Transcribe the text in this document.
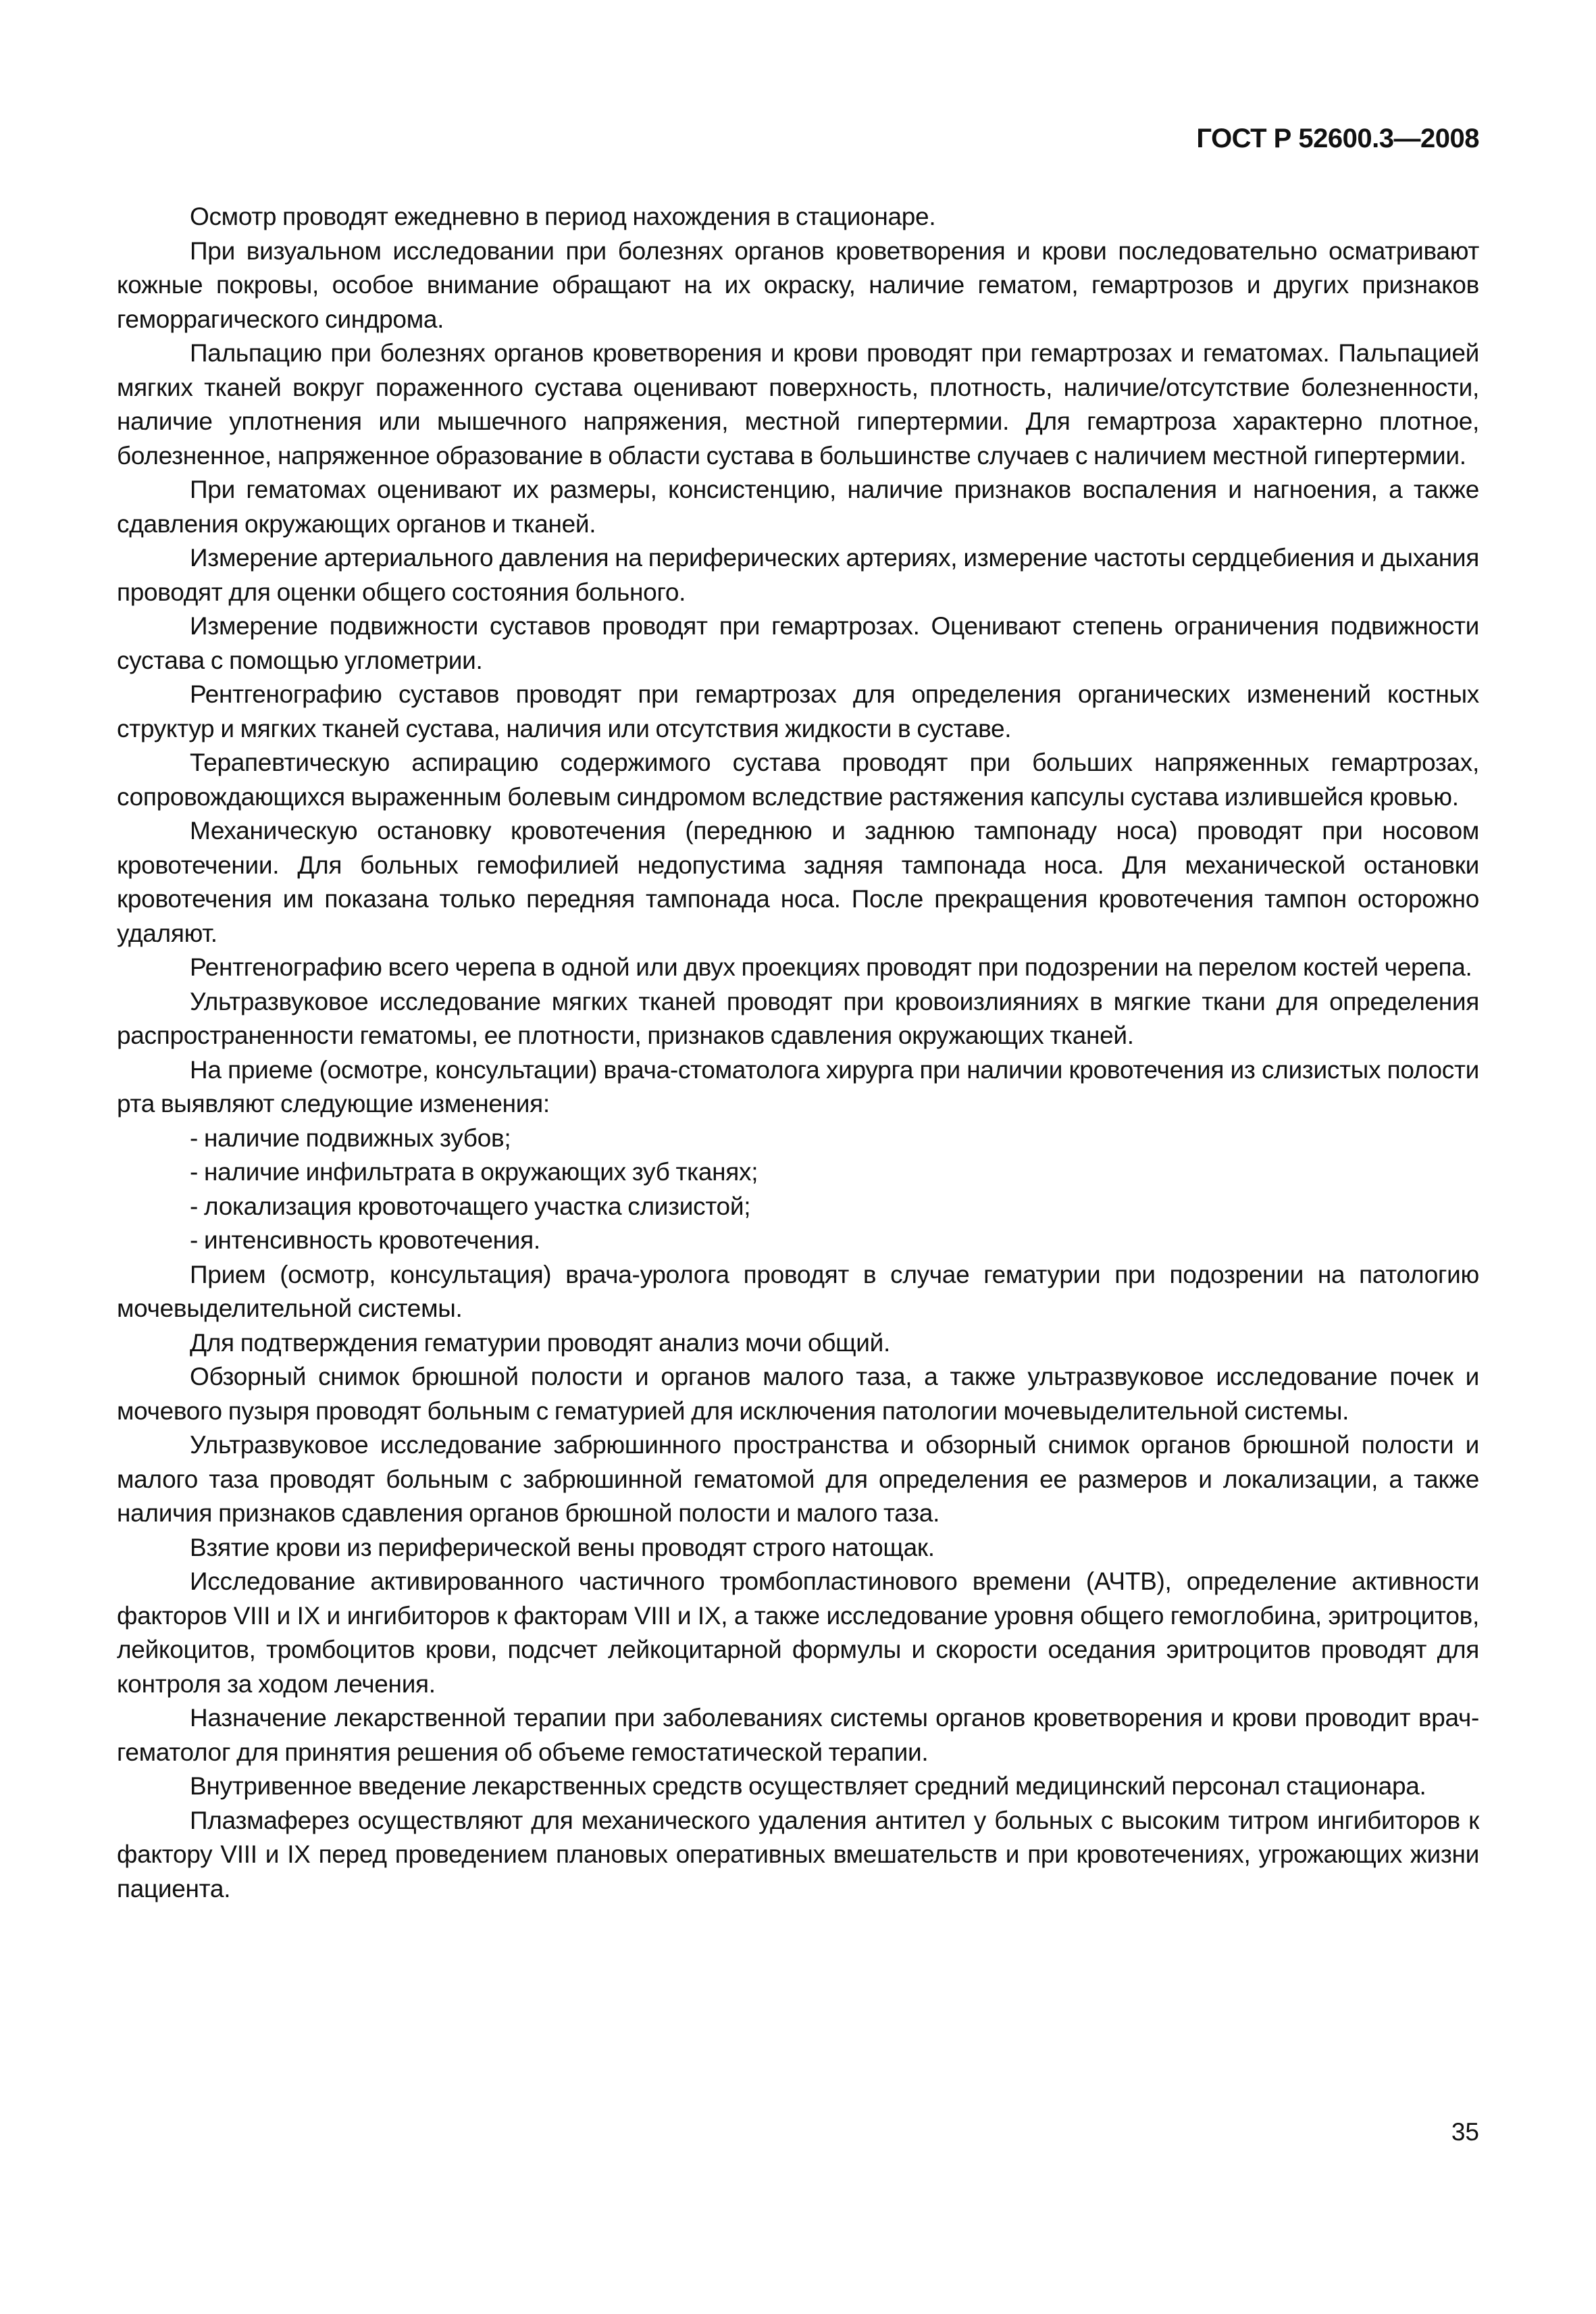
ГОСТ Р 52600.3—2008

Осмотр проводят ежедневно в период нахождения в стационаре.

При визуальном исследовании при болезнях органов кроветворения и крови последовательно осматривают кожные покровы, особое внимание обращают на их окраску, наличие гематом, гемартрозов и других признаков геморрагического синдрома.

Пальпацию при болезнях органов кроветворения и крови проводят при гемартрозах и гематомах. Пальпацией мягких тканей вокруг пораженного сустава оценивают поверхность, плотность, наличие/отсутствие болезненности, наличие уплотнения или мышечного напряжения, местной гипертермии. Для гемартроза характерно плотное, болезненное, напряженное образование в области сустава в большинстве случаев с наличием местной гипертермии.

При гематомах оценивают их размеры, консистенцию, наличие признаков воспаления и нагноения, а также сдавления окружающих органов и тканей.

Измерение артериального давления на периферических артериях, измерение частоты сердцебиения и дыхания проводят для оценки общего состояния больного.

Измерение подвижности суставов проводят при гемартрозах. Оценивают степень ограничения подвижности сустава с помощью углометрии.

Рентгенографию суставов проводят при гемартрозах для определения органических изменений костных структур и мягких тканей сустава, наличия или отсутствия жидкости в суставе.

Терапевтическую аспирацию содержимого сустава проводят при больших напряженных гемартрозах, сопровождающихся выраженным болевым синдромом вследствие растяжения капсулы сустава излившейся кровью.

Механическую остановку кровотечения (переднюю и заднюю тампонаду носа) проводят при носовом кровотечении. Для больных гемофилией недопустима задняя тампонада носа. Для механической остановки кровотечения им показана только передняя тампонада носа. После прекращения кровотечения тампон осторожно удаляют.

Рентгенографию всего черепа в одной или двух проекциях проводят при подозрении на перелом костей черепа.

Ультразвуковое исследование мягких тканей проводят при кровоизлияниях в мягкие ткани для определения распространенности гематомы, ее плотности, признаков сдавления окружающих тканей.

На приеме (осмотре, консультации) врача-стоматолога хирурга при наличии кровотечения из слизистых полости рта выявляют следующие изменения:

- наличие подвижных зубов;

- наличие инфильтрата в окружающих зуб тканях;

- локализация кровоточащего участка слизистой;

- интенсивность кровотечения.

Прием (осмотр, консультация) врача-уролога проводят в случае гематурии при подозрении на патологию мочевыделительной системы.

Для подтверждения гематурии проводят анализ мочи общий.

Обзорный снимок брюшной полости и органов малого таза, а также ультразвуковое исследование почек и мочевого пузыря проводят больным с гематурией для исключения патологии мочевыделительной системы.

Ультразвуковое исследование забрюшинного пространства и обзорный снимок органов брюшной полости и малого таза проводят больным с забрюшинной гематомой для определения ее размеров и локализации, а также наличия признаков сдавления органов брюшной полости и малого таза.

Взятие крови из периферической вены проводят строго натощак.

Исследование активированного частичного тромбопластинового времени (АЧТВ), определение активности факторов VIII и IX и ингибиторов к факторам VIII и IX, а также исследование уровня общего гемоглобина, эритроцитов, лейкоцитов, тромбоцитов крови, подсчет лейкоцитарной формулы и скорости оседания эритроцитов проводят для контроля за ходом лечения.

Назначение лекарственной терапии при заболеваниях системы органов кроветворения и крови проводит врач-гематолог для принятия решения об объеме гемостатической терапии.

Внутривенное введение лекарственных средств осуществляет средний медицинский персонал стационара.

Плазмаферез осуществляют для механического удаления антител у больных с высоким титром ингибиторов к фактору VIII и IX перед проведением плановых оперативных вмешательств и при кровотечениях, угрожающих жизни пациента.

35
